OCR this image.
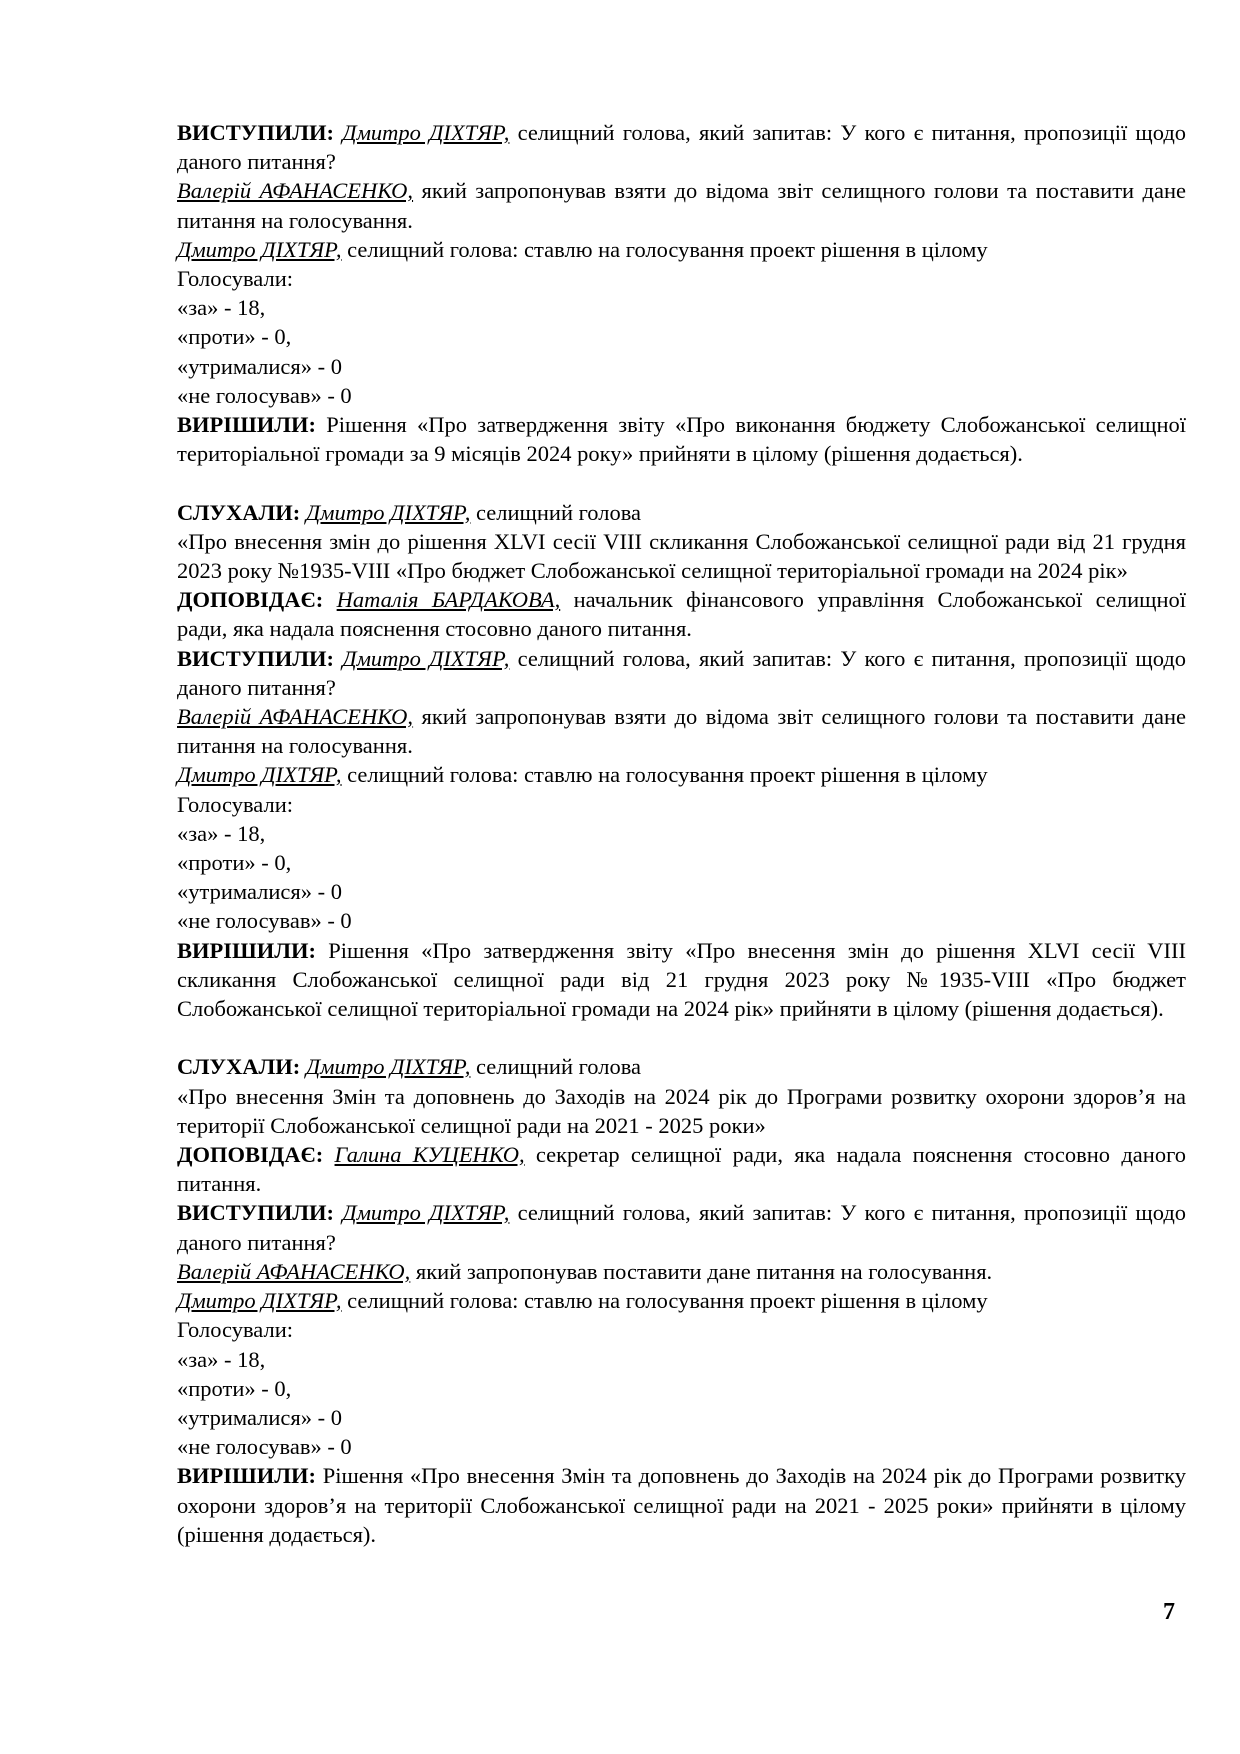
ВИСТУПИЛИ: Дмитро ДІХТЯР, селищний голова, який запитав: У кого є питання, пропозиції щодо даного питання?

Валерій АФАНАСЕНКО, який запропонував взяти до відома звіт селищного голови та поставити дане питання на голосування.

Дмитро ДІХТЯР, селищний голова: ставлю на голосування проект рішення в цілому

Голосували:

«за» - 18,

«проти» - 0,

«утрималися» - 0

«не голосував» - 0

ВИРІШИЛИ: Рішення «Про затвердження звіту «Про виконання бюджету Слобожанської селищної територіальної громади за 9 місяців 2024 року» прийняти в цілому (рішення додається).

СЛУХАЛИ: Дмитро ДІХТЯР, селищний голова

«Про внесення змін до рішення XLVI сесії VIII скликання Слобожанської селищної ради від 21 грудня 2023 року №1935-VIII «Про бюджет Слобожанської селищної територіальної громади на 2024 рік»

ДОПОВІДАЄ: Наталія БАРДАКОВА, начальник фінансового управління Слобожанської селищної ради, яка надала пояснення стосовно даного питання.

ВИСТУПИЛИ: Дмитро ДІХТЯР, селищний голова, який запитав: У кого є питання, пропозиції щодо даного питання?

Валерій АФАНАСЕНКО, який запропонував взяти до відома звіт селищного голови та поставити дане питання на голосування.

Дмитро ДІХТЯР, селищний голова: ставлю на голосування проект рішення в цілому

Голосували:

«за» - 18,

«проти» - 0,

«утрималися» - 0

«не голосував» - 0

ВИРІШИЛИ: Рішення «Про затвердження звіту «Про внесення змін до рішення XLVI сесії VIII скликання Слобожанської селищної ради від 21 грудня 2023 року №1935-VIII «Про бюджет Слобожанської селищної територіальної громади на 2024 рік» прийняти в цілому (рішення додається).

СЛУХАЛИ: Дмитро ДІХТЯР, селищний голова

«Про внесення Змін та доповнень до Заходів на 2024 рік до Програми розвитку охорони здоров’я на території Слобожанської селищної ради на 2021 - 2025 роки»

ДОПОВІДАЄ: Галина КУЦЕНКО, секретар селищної ради, яка надала пояснення стосовно даного питання.

ВИСТУПИЛИ: Дмитро ДІХТЯР, селищний голова, який запитав: У кого є питання, пропозиції щодо даного питання?

Валерій АФАНАСЕНКО, який запропонував поставити дане питання на голосування.

Дмитро ДІХТЯР, селищний голова: ставлю на голосування проект рішення в цілому

Голосували:

«за» - 18,

«проти» - 0,

«утрималися» - 0

«не голосував» - 0

ВИРІШИЛИ: Рішення «Про внесення Змін та доповнень до Заходів на 2024 рік до Програми розвитку охорони здоров’я на території Слобожанської селищної ради на 2021 - 2025 роки» прийняти в цілому (рішення додається).

7
